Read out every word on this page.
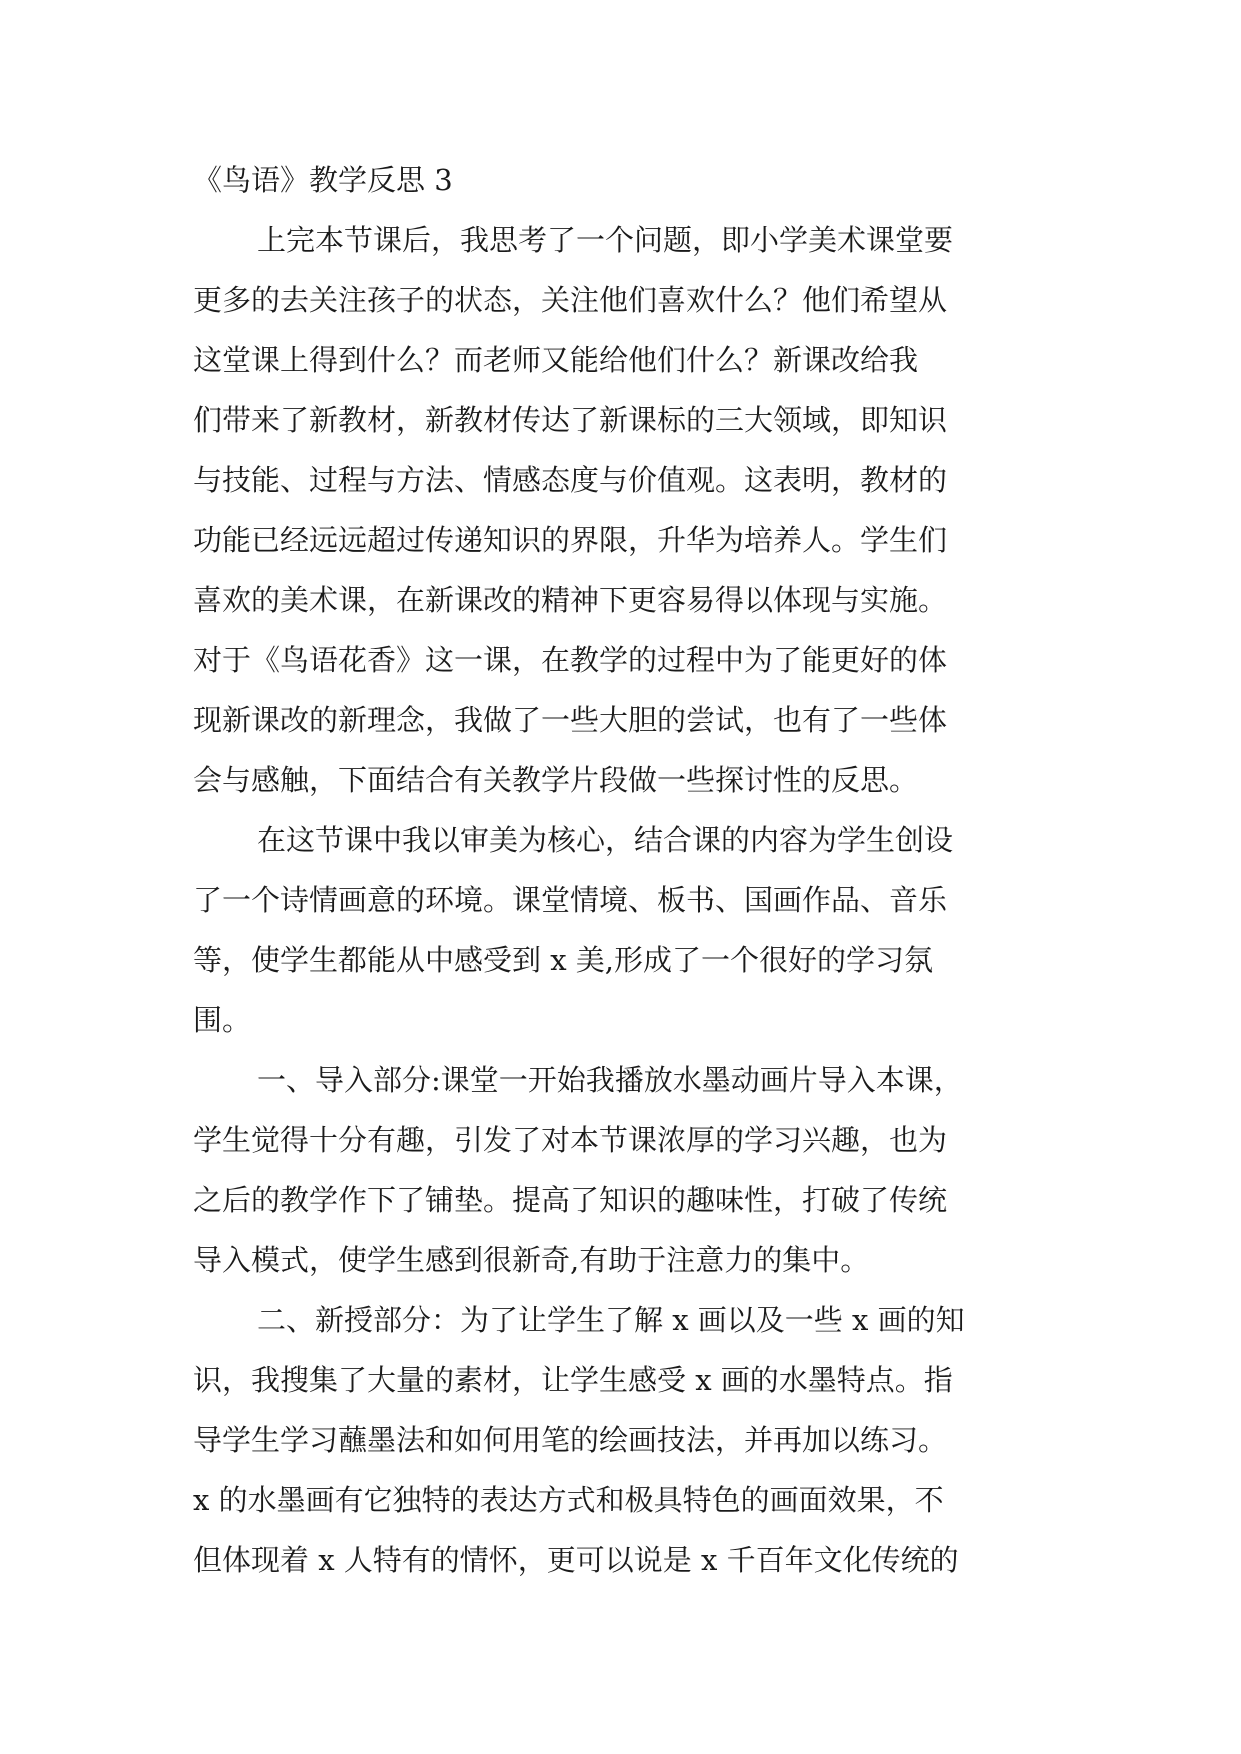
《鸟语》教学反思 3
上完本节课后，我思考了一个问题，即小学美术课堂要
更多的去关注孩子的状态，关注他们喜欢什么？他们希望从
这堂课上得到什么？而老师又能给他们什么？新课改给我
们带来了新教材，新教材传达了新课标的三大领域，即知识
与技能、过程与方法、情感态度与价值观。这表明，教材的
功能已经远远超过传递知识的界限，升华为培养人。学生们
喜欢的美术课，在新课改的精神下更容易得以体现与实施。
对于《鸟语花香》这一课，在教学的过程中为了能更好的体
现新课改的新理念，我做了一些大胆的尝试，也有了一些体
会与感触，下面结合有关教学片段做一些探讨性的反思。
在这节课中我以审美为核心，结合课的内容为学生创设
了一个诗情画意的环境。课堂情境、板书、国画作品、音乐
等，使学生都能从中感受到 x 美,形成了一个很好的学习氛
围。
一、导入部分:课堂一开始我播放水墨动画片导入本课，
学生觉得十分有趣，引发了对本节课浓厚的学习兴趣，也为
之后的教学作下了铺垫。提高了知识的趣味性，打破了传统
导入模式，使学生感到很新奇,有助于注意力的集中。
二、新授部分：为了让学生了解 x 画以及一些 x 画的知
识，我搜集了大量的素材，让学生感受 x 画的水墨特点。指
导学生学习蘸墨法和如何用笔的绘画技法，并再加以练习。
x 的水墨画有它独特的表达方式和极具特色的画面效果，不
但体现着 x 人特有的情怀，更可以说是 x 千百年文化传统的
